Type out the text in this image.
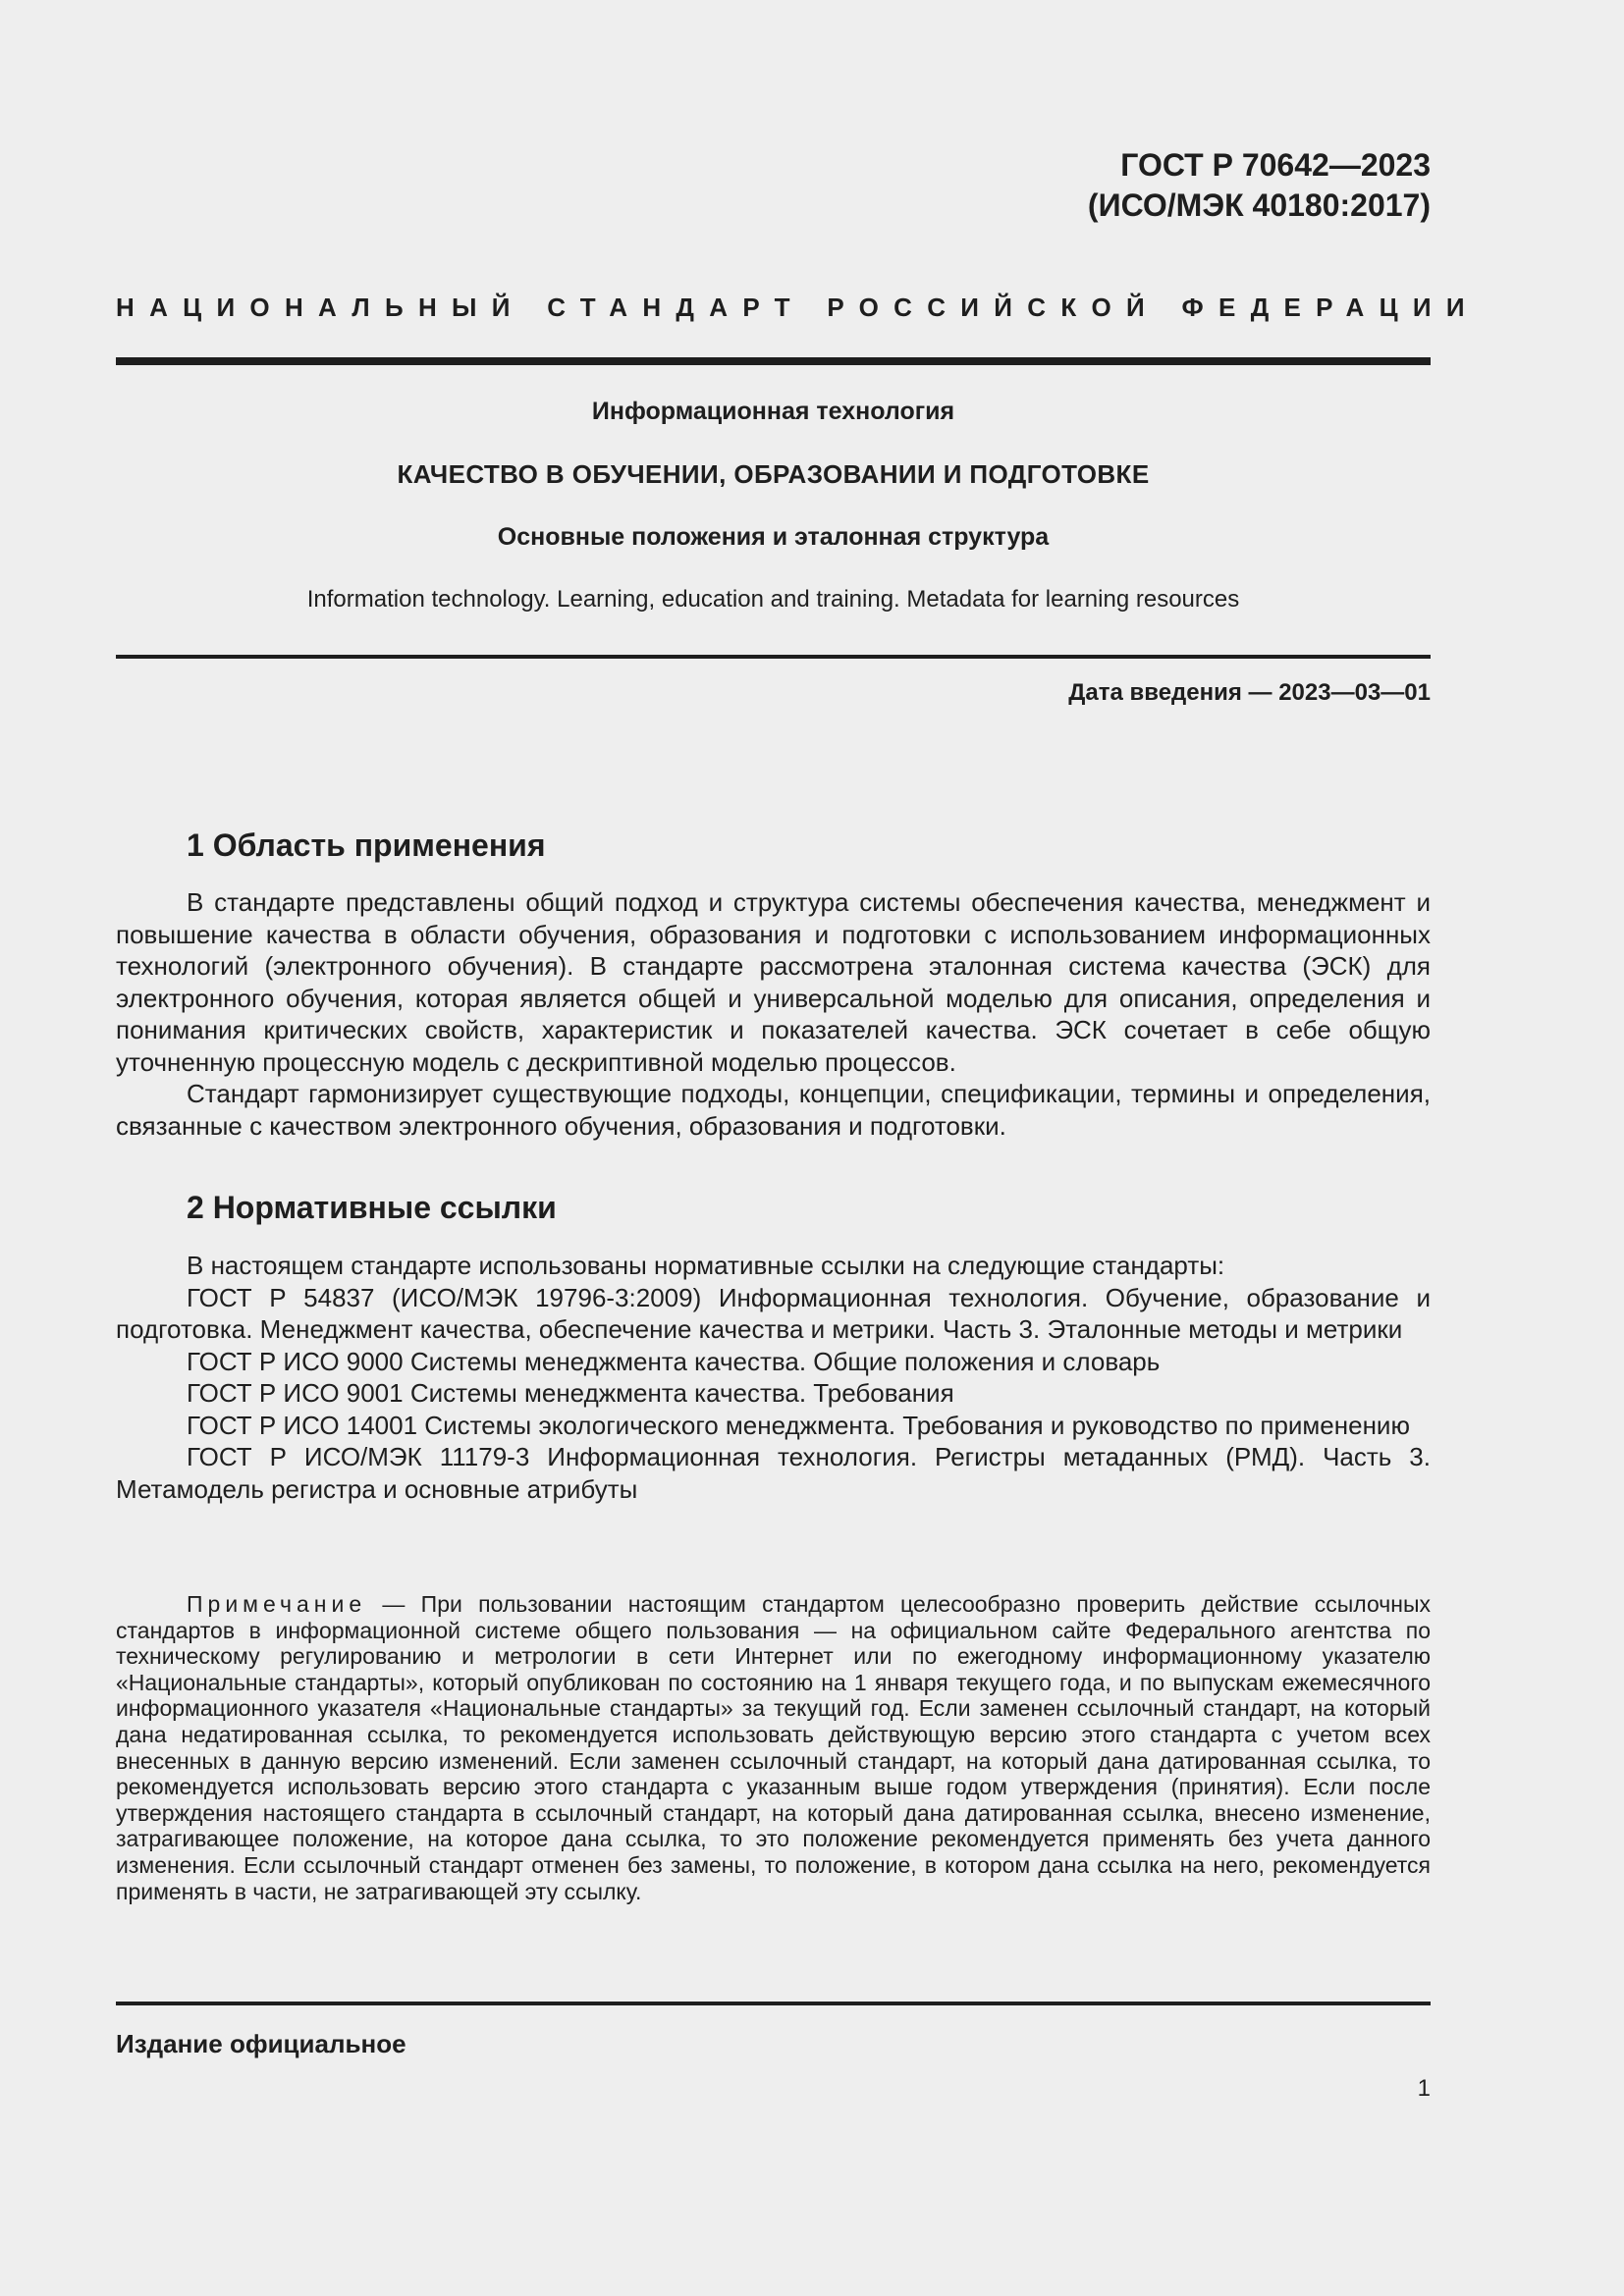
ГОСТ Р 70642—2023
(ИСО/МЭК 40180:2017)
НАЦИОНАЛЬНЫЙ СТАНДАРТ РОССИЙСКОЙ ФЕДЕРАЦИИ
Информационная технология
КАЧЕСТВО В ОБУЧЕНИИ, ОБРАЗОВАНИИ И ПОДГОТОВКЕ
Основные положения и эталонная структура
Information technology. Learning, education and training. Metadata for learning resources
Дата введения — 2023—03—01
1 Область применения

В стандарте представлены общий подход и структура системы обеспечения качества, менеджмент и повышение качества в области обучения, образования и подготовки с использованием информационных технологий (электронного обучения). В стандарте рассмотрена эталонная система качества (ЭСК) для электронного обучения, которая является общей и универсальной моделью для описания, определения и понимания критических свойств, характеристик и показателей качества. ЭСК сочетает в себе общую уточненную процессную модель с дескриптивной моделью процессов.

Стандарт гармонизирует существующие подходы, концепции, спецификации, термины и определения, связанные с качеством электронного обучения, образования и подготовки.

2 Нормативные ссылки

В настоящем стандарте использованы нормативные ссылки на следующие стандарты:

ГОСТ Р 54837 (ИСО/МЭК 19796-3:2009) Информационная технология. Обучение, образование и подготовка. Менеджмент качества, обеспечение качества и метрики. Часть 3. Эталонные методы и метрики

ГОСТ Р ИСО 9000 Системы менеджмента качества. Общие положения и словарь

ГОСТ Р ИСО 9001 Системы менеджмента качества. Требования

ГОСТ Р ИСО 14001 Системы экологического менеджмента. Требования и руководство по применению

ГОСТ Р ИСО/МЭК 11179-3 Информационная технология. Регистры метаданных (РМД). Часть 3. Метамодель регистра и основные атрибуты

Примечание — При пользовании настоящим стандартом целесообразно проверить действие ссылочных стандартов в информационной системе общего пользования — на официальном сайте Федерального агентства по техническому регулированию и метрологии в сети Интернет или по ежегодному информационному указателю «Национальные стандарты», который опубликован по состоянию на 1 января текущего года, и по выпускам ежемесячного информационного указателя «Национальные стандарты» за текущий год. Если заменен ссылочный стандарт, на который дана недатированная ссылка, то рекомендуется использовать действующую версию этого стандарта с учетом всех внесенных в данную версию изменений. Если заменен ссылочный стандарт, на который дана датированная ссылка, то рекомендуется использовать версию этого стандарта с указанным выше годом утверждения (принятия). Если после утверждения настоящего стандарта в ссылочный стандарт, на который дана датированная ссылка, внесено изменение, затрагивающее положение, на которое дана ссылка, то это положение рекомендуется применять без учета данного изменения. Если ссылочный стандарт отменен без замены, то положение, в котором дана ссылка на него, рекомендуется применять в части, не затрагивающей эту ссылку.

Издание официальное
1
